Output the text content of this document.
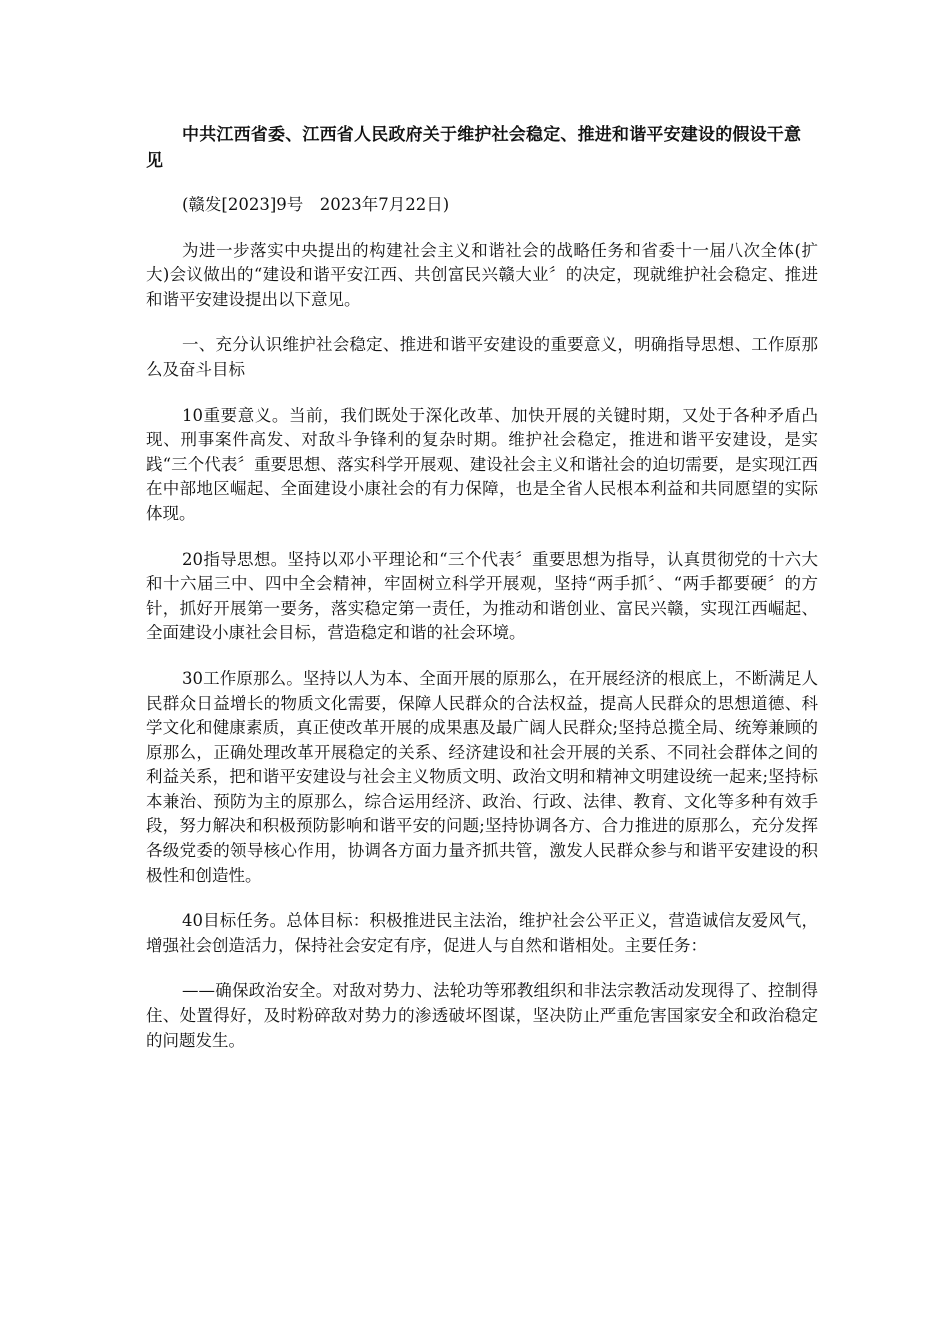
中共江西省委、江西省人民政府关于维护社会稳定、推进和谐平安建设的假设干意见
(赣发[2023]9号　2023年7月22日)
为进一步落实中央提出的构建社会主义和谐社会的战略任务和省委十一届八次全体(扩大)会议做出的“建设和谐平安江西、共创富民兴赣大业〞的决定，现就维护社会稳定、推进和谐平安建设提出以下意见。
一、充分认识维护社会稳定、推进和谐平安建设的重要意义，明确指导思想、工作原那么及奋斗目标
10重要意义。当前，我们既处于深化改革、加快开展的关键时期，又处于各种矛盾凸现、刑事案件高发、对敌斗争锋利的复杂时期。维护社会稳定，推进和谐平安建设，是实践“三个代表〞重要思想、落实科学开展观、建设社会主义和谐社会的迫切需要，是实现江西在中部地区崛起、全面建设小康社会的有力保障，也是全省人民根本利益和共同愿望的实际体现。
20指导思想。坚持以邓小平理论和“三个代表〞重要思想为指导，认真贯彻党的十六大和十六届三中、四中全会精神，牢固树立科学开展观，坚持“两手抓〞、“两手都要硬〞的方针，抓好开展第一要务，落实稳定第一责任，为推动和谐创业、富民兴赣，实现江西崛起、全面建设小康社会目标，营造稳定和谐的社会环境。
30工作原那么。坚持以人为本、全面开展的原那么，在开展经济的根底上，不断满足人民群众日益增长的物质文化需要，保障人民群众的合法权益，提高人民群众的思想道德、科学文化和健康素质，真正使改革开展的成果惠及最广阔人民群众;坚持总揽全局、统筹兼顾的原那么，正确处理改革开展稳定的关系、经济建设和社会开展的关系、不同社会群体之间的利益关系，把和谐平安建设与社会主义物质文明、政治文明和精神文明建设统一起来;坚持标本兼治、预防为主的原那么，综合运用经济、政治、行政、法律、教育、文化等多种有效手段，努力解决和积极预防影响和谐平安的问题;坚持协调各方、合力推进的原那么，充分发挥各级党委的领导核心作用，协调各方面力量齐抓共管，激发人民群众参与和谐平安建设的积极性和创造性。
40目标任务。总体目标：积极推进民主法治，维护社会公平正义，营造诚信友爱风气，增强社会创造活力，保持社会安定有序，促进人与自然和谐相处。主要任务：
——确保政治安全。对敌对势力、法轮功等邪教组织和非法宗教活动发现得了、控制得住、处置得好，及时粉碎敌对势力的渗透破坏图谋，坚决防止严重危害国家安全和政治稳定的问题发生。
